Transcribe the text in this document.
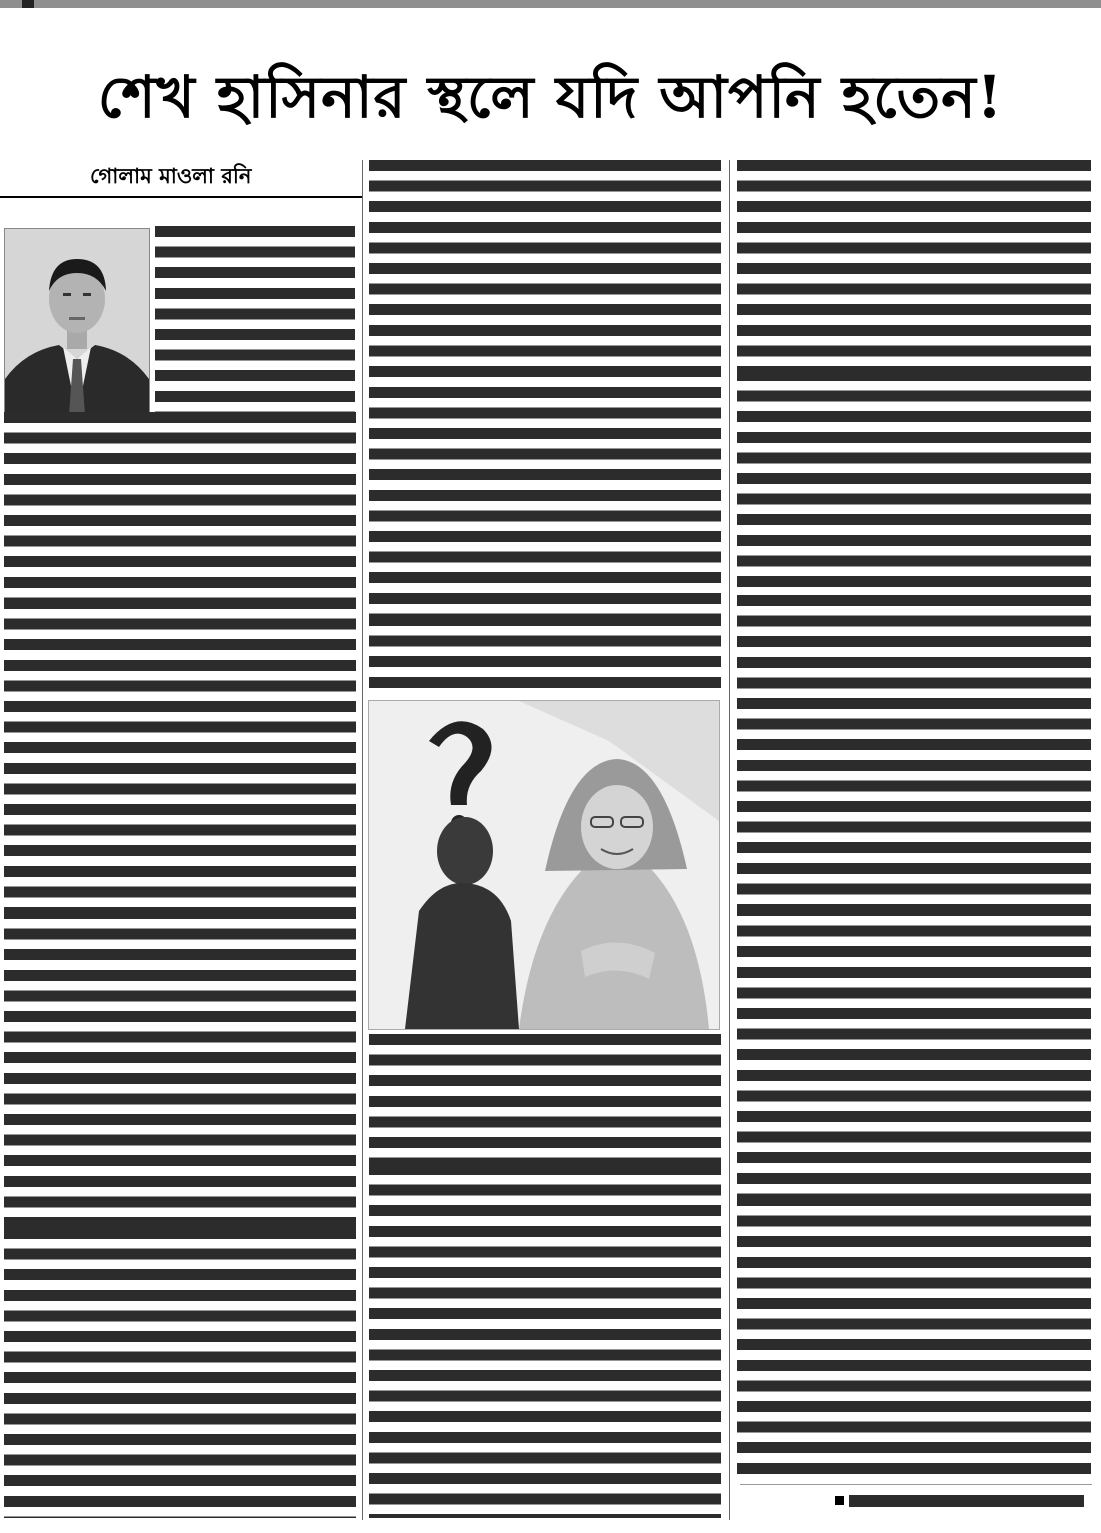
শেখ হাসিনার স্থলে যদি আপনি হতেন!
গোলাম মাওলা রনি
